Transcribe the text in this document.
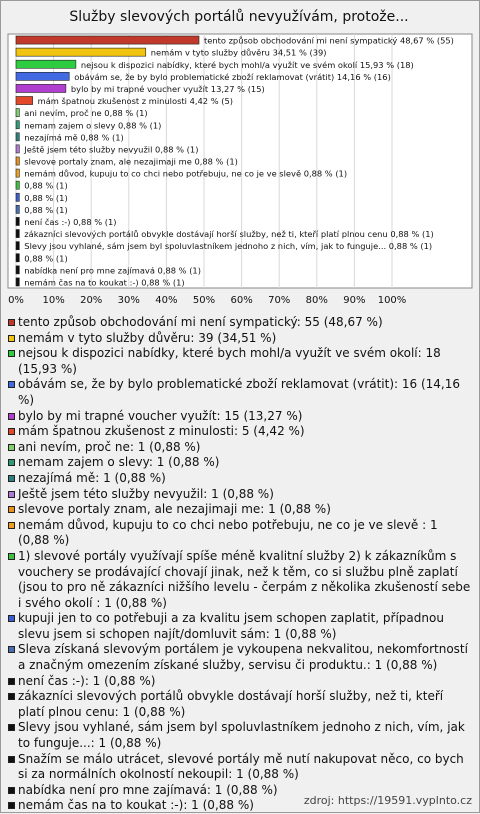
Služby slevových portálů nevyužívám, protože...
tento způsob obchodování mi není sympatický 48,67 % (55)
nemám v tyto služby důvěru 34,51 % (39)
nejsou k dispozici nabídky, které bych mohl/a využít ve svém okolí 15,93 % (18)
obávám se, že by bylo problematické zboží reklamovat (vrátit) 14,16 % (16)
bylo by mi trapné voucher využít 13,27 % (15)
mám špatnou zkušenost z minulosti 4,42 % (5)
ani nevím, proč ne 0,88 % (1)
nemam zajem o slevy 0,88 % (1)
nezajímá mě 0,88 % (1)
Ještě jsem této služby nevyužil 0,88 % (1)
slevove portaly znam, ale nezajimaji me 0,88 % (1)
nemám důvod, kupuju to co chci nebo potřebuju, ne co je ve slevě 0,88 % (1)
0,88 % (1)
0,88 % (1)
0,88 % (1)
není čas :-) 0,88 % (1)
zákazníci slevových portálů obvykle dostávají horší služby, než ti, kteří platí plnou cenu 0,88 % (1)
Slevy jsou vyhlané, sám jsem byl spoluvlastníkem jednoho z nich, vím, jak to funguje... 0,88 % (1)
0,88 % (1)
nabídka není pro mne zajímavá 0,88 % (1)
nemám čas na to koukat :-) 0,88 % (1)
0% 10% 20% 30% 40% 50% 60% 70% 80% 90% 100%
tento způsob obchodování mi není sympatický: 55 (48,67 %)
nemám v tyto služby důvěru: 39 (34,51 %)
nejsou k dispozici nabídky, které bych mohl/a využít ve svém okolí: 18 (15,93 %)
obávám se, že by bylo problematické zboží reklamovat (vrátit): 16 (14,16 %)
bylo by mi trapné voucher využít: 15 (13,27 %)
mám špatnou zkušenost z minulosti: 5 (4,42 %)
ani nevím, proč ne: 1 (0,88 %)
nemam zajem o slevy: 1 (0,88 %)
nezajímá mě: 1 (0,88 %)
Ještě jsem této služby nevyužil: 1 (0,88 %)
slevove portaly znam, ale nezajimaji me: 1 (0,88 %)
nemám důvod, kupuju to co chci nebo potřebuju, ne co je ve slevě : 1 (0,88 %)
1) slevové portály využívají spíše méně kvalitní služby 2) k zákazníkům s vouchery se prodávající chovají jinak, než k těm, co si službu plně zaplatí (jsou to pro ně zákazníci nižšího levelu - čerpám z několika zkušeností sebe i svého okolí : 1 (0,88 %)
kupuji jen to co potřebuji a za kvalitu jsem schopen zaplatit, případnou slevu jsem si schopen najít/domluvit sám: 1 (0,88 %)
Sleva získaná slevovým portálem je vykoupena nekvalitou, nekomfortností a značným omezením získané služby, servisu či produktu.: 1 (0,88 %)
není čas :-): 1 (0,88 %)
zákazníci slevových portálů obvykle dostávají horší služby, než ti, kteří platí plnou cenu: 1 (0,88 %)
Slevy jsou vyhlané, sám jsem byl spoluvlastníkem jednoho z nich, vím, jak to funguje...: 1 (0,88 %)
Snažím se málo utrácet, slevové portály mě nutí nakupovat něco, co bych si za normálních okolností nekoupil: 1 (0,88 %)
nabídka není pro mne zajímavá: 1 (0,88 %)
nemám čas na to koukat :-): 1 (0,88 %)	zdroj: https://19591.vyplnto.cz
